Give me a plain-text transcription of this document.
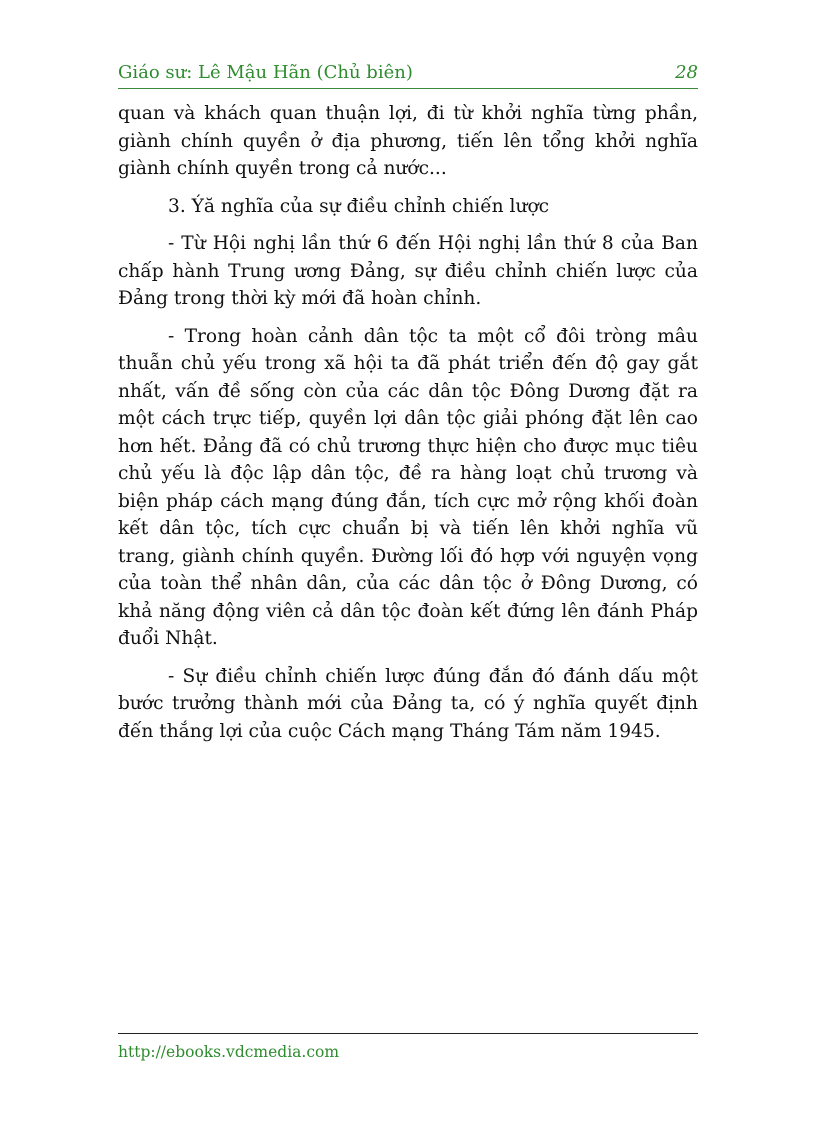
Giáo sư: Lê Mậu Hãn (Chủ biên)	28

quan và khách quan thuận lợi, đi từ khởi nghĩa từng phần, giành chính quyền ở địa phương, tiến lên tổng khởi nghĩa giành chính quyền trong cả nước...

3. Ýă nghĩa của sự điều chỉnh chiến lược

- Từ Hội nghị lần thứ 6 đến Hội nghị lần thứ 8 của Ban chấp hành Trung ương Đảng, sự điều chỉnh chiến lược của Đảng trong thời kỳ mới đã hoàn chỉnh.

- Trong hoàn cảnh dân tộc ta một cổ đôi tròng mâu thuẫn chủ yếu trong xã hội ta đã phát triển đến độ gay gắt nhất, vấn đề sống còn của các dân tộc Đông Dương đặt ra một cách trực tiếp, quyền lợi dân tộc giải phóng đặt lên cao hơn hết. Đảng đã có chủ trương thực hiện cho được mục tiêu chủ yếu là độc lập dân tộc, đề ra hàng loạt chủ trương và biện pháp cách mạng đúng đắn, tích cực mở rộng khối đoàn kết dân tộc, tích cực chuẩn bị và tiến lên khởi nghĩa vũ trang, giành chính quyền. Đường lối đó hợp với nguyện vọng của toàn thể nhân dân, của các dân tộc ở Đông Dương, có khả năng động viên cả dân tộc đoàn kết đứng lên đánh Pháp đuổi Nhật.

- Sự điều chỉnh chiến lược đúng đắn đó đánh dấu một bước trưởng thành mới của Đảng ta, có ý nghĩa quyết định đến thắng lợi của cuộc Cách mạng Tháng Tám năm 1945.

http://ebooks.vdcmedia.com
